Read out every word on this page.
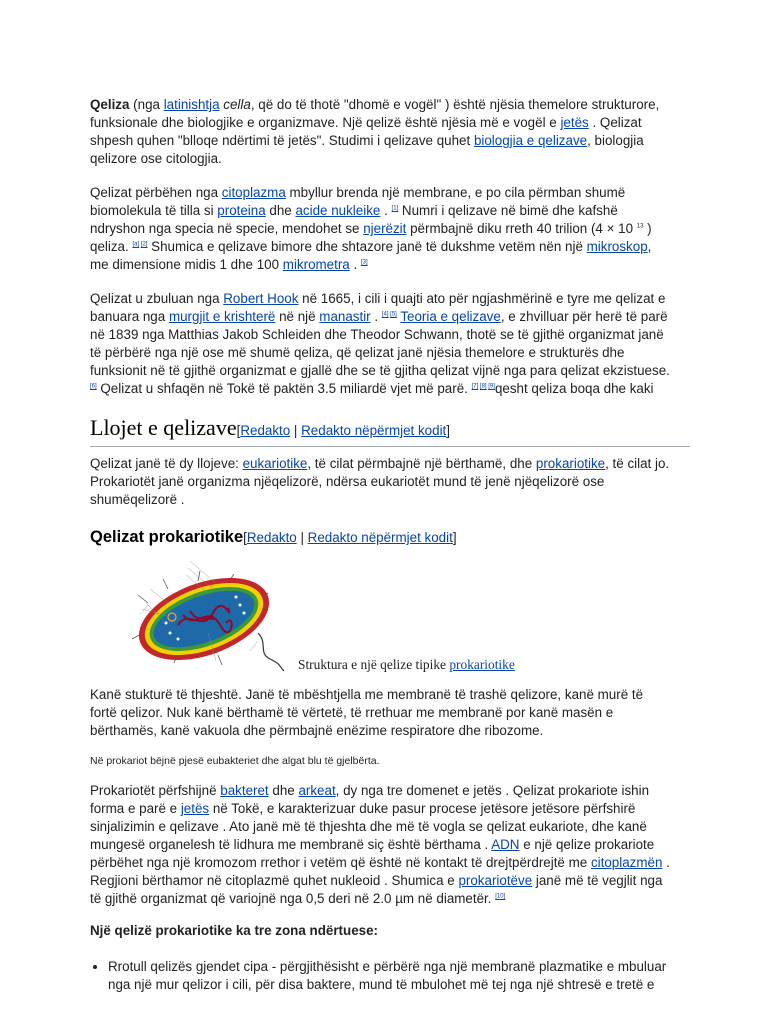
Qeliza (nga latinishtja cella, që do të thotë "dhomë e vogël" ) është njësia themelore strukturore, funksionale dhe biologjike e organizmave. Një qelizë është njësia më e vogël e jetës . Qelizat shpesh quhen "blloqe ndërtimi të jetës". Studimi i qelizave quhet biologjia e qelizave, biologjia qelizore ose citologjia.

Qelizat përbëhen nga citoplazma mbyllur brenda një membrane, e po cila përmban shumë biomolekula të tilla si proteina dhe acide nukleike . [1] Numri i qelizave në bimë dhe kafshë ndryshon nga specia në specie, mendohet se njerëzit përmbajnë diku rreth 40 trilion (4 × 10 $^{13}$ ) qeliza. [a] [2] Shumica e qelizave bimore dhe shtazore janë të dukshme vetëm nën një mikroskop, me dimensione midis 1 dhe 100 mikrometra . [3]

Qelizat u zbuluan nga Robert Hook në 1665, i cili i quajti ato për ngjashmërinë e tyre me qelizat e banuara nga murgjit e krishterë në një manastir . [4] [5] Teoria e qelizave, e zhvilluar për herë të parë në 1839 nga Matthias Jakob Schleiden dhe Theodor Schwann, thotë se të gjithë organizmat janë të përbërë nga një ose më shumë qeliza, që qelizat janë njësia themelore e strukturës dhe funksionit në të gjithë organizmat e gjallë dhe se të gjitha qelizat vijnë nga para qelizat ekzistuese. [6] Qelizat u shfaqën në Tokë të paktën 3.5 miliardë vjet më parë. [7] [8] [9]qesht qeliza boqa dhe kaki

Llojet e qelizave[Redakto | Redakto nëpërmjet kodit]

Qelizat janë të dy llojeve: eukariotike, të cilat përmbajnë një bërthamë, dhe prokariotike, të cilat jo. Prokariotët janë organizma njëqelizorë, ndërsa eukariotët mund të jenë njëqelizorë ose shumëqelizorë .

Qelizat prokariotike[Redakto | Redakto nëpërmjet kodit]
Struktura e një qelize tipike prokariotike

Kanë stukturë të thjeshtë. Janë të mbështjella me membranë të trashë qelizore, kanë murë të fortë qelizor. Nuk kanë bërthamë të vërtetë, të rrethuar me membranë por kanë masën e bërthamës, kanë vakuola dhe përmbajnë enëzime respiratore dhe ribozome.

Në prokariot bëjnë pjesë eubakteriet dhe algat blu të gjelbërta.

Prokariotët përfshijnë bakteret dhe arkeat, dy nga tre domenet e jetës . Qelizat prokariote ishin forma e parë e jetës në Tokë, e karakterizuar duke pasur procese jetësore jetësore përfshirë sinjalizimin e qelizave . Ato janë më të thjeshta dhe më të vogla se qelizat eukariote, dhe kanë mungesë organelesh të lidhura me membranë siç është bërthama . ADN e një qelize prokariote përbëhet nga një kromozom rrethor i vetëm që është në kontakt të drejtpërdrejtë me citoplazmën . Regjioni bërthamor në citoplazmë quhet nukleoid . Shumica e prokariotëve janë më të vegjlit nga të gjithë organizmat që variojnë nga 0,5 deri në 2.0 µm në diametër. [10]

Një qelizë prokariotike ka tre zona ndërtuese:

• Rrotull qelizës gjendet cipa - përgjithësisht e përbërë nga një membranë plazmatike e mbuluar nga një mur qelizor i cili, për disa baktere, mund të mbulohet më tej nga një shtresë e tretë e
